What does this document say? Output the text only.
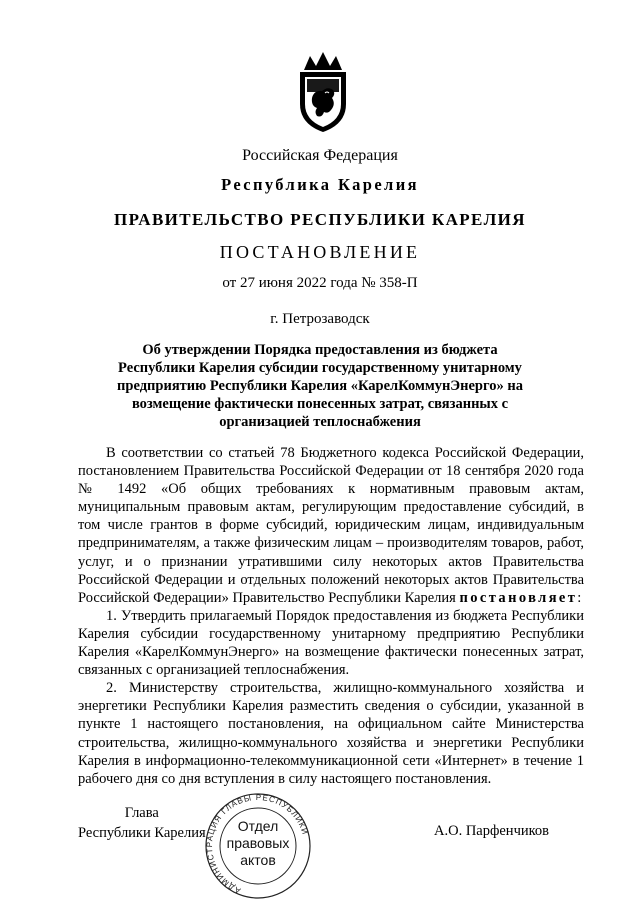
Российская Федерация
Республика Карелия
ПРАВИТЕЛЬСТВО РЕСПУБЛИКИ КАРЕЛИЯ
ПОСТАНОВЛЕНИЕ
от 27 июня 2022 года № 358-П
г. Петрозаводск
Об утверждении Порядка предоставления из бюджета Республики Карелия субсидии государственному унитарному предприятию Республики Карелия «КарелКоммунЭнерго» на возмещение фактически понесенных затрат, связанных с организацией теплоснабжения

В соответствии со статьей 78 Бюджетного кодекса Российской Федерации, постановлением Правительства Российской Федерации от 18 сентября 2020 года № 1492 «Об общих требованиях к нормативным правовым актам, муниципальным правовым актам, регулирующим предоставление субсидий, в том числе грантов в форме субсидий, юридическим лицам, индивидуальным предпринимателям, а также физическим лицам – производителям товаров, работ, услуг, и о признании утратившими силу некоторых актов Правительства Российской Федерации и отдельных положений некоторых актов Правительства Российской Федерации» Правительство Республики Карелия постановляет:

1. Утвердить прилагаемый Порядок предоставления из бюджета Республики Карелия субсидии государственному унитарному предприятию Республики Карелия «КарелКоммунЭнерго» на возмещение фактически понесенных затрат, связанных с организацией теплоснабжения.

2. Министерству строительства, жилищно-коммунального хозяйства и энергетики Республики Карелия разместить сведения о субсидии, указанной в пункте 1 настоящего постановления, на официальном сайте Министерства строительства, жилищно-коммунального хозяйства и энергетики Республики Карелия в информационно-телекоммуникационной сети «Интернет» в течение 1 рабочего дня со дня вступления в силу настоящего постановления.

Глава
Республики Карелия	А.О. Парфенчиков
АДМИНИСТРАЦИЯ ГЛАВЫ РЕСПУБЛИКИ
Отдел
правовых
актов
